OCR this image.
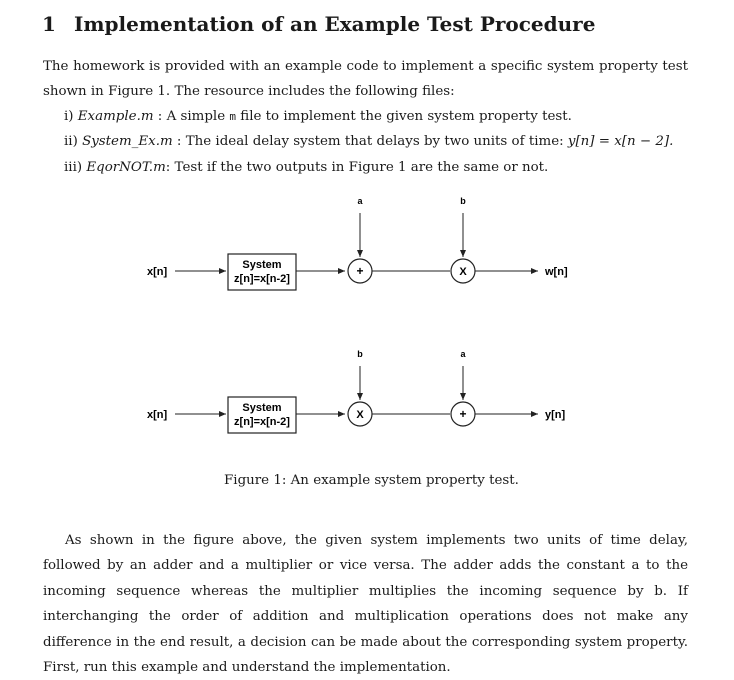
1 Implementation of an Example Test Procedure

The homework is provided with an example code to implement a specific system property test shown in Figure 1. The resource includes the following files:

i) Example.m : A simple m file to implement the given system property test.
ii) System_Ex.m : The ideal delay system that delays by two units of time: y[n] = x[n − 2].
iii) EqorNOT.m: Test if the two outputs in Figure 1 are the same or not.
x[n]
System
z[n]=x[n-2]
a
+
b
X	w[n]
x[n]
System
z[n]=x[n-2]
b
X
a
+	y[n]

Figure 1: An example system property test.

As shown in the figure above, the given system implements two units of time delay, followed by an adder and a multiplier or vice versa. The adder adds the constant a to the incoming sequence whereas the multiplier multiplies the incoming sequence by b. If interchanging the order of addition and multiplication operations does not make any difference in the end result, a decision can be made about the corresponding system property. First, run this example and understand the implementation.
